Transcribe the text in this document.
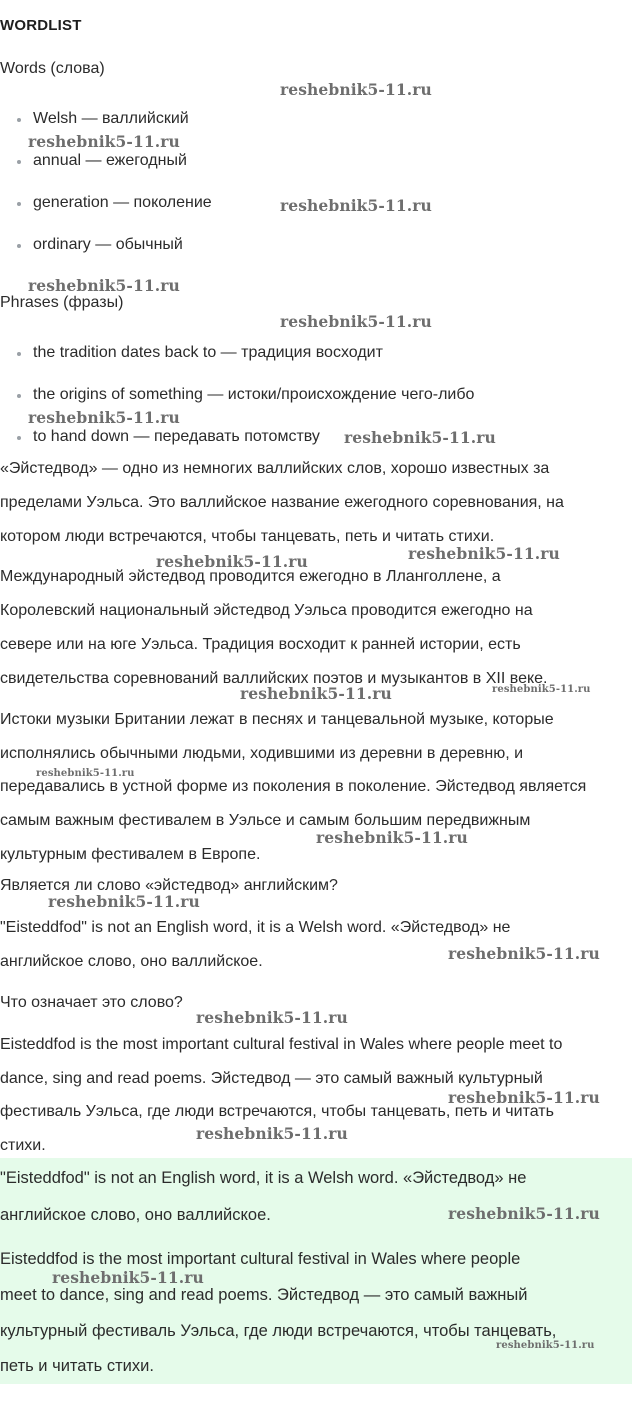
WORDLIST
Words (слова)
Welsh — валлийский
annual — ежегодный
generation — поколение
ordinary — обычный
Phrases (фразы)
the tradition dates back to — традиция восходит
the origins of something — истоки/происхождение чего-либо
to hand down — передавать потомству
«Эйстедвод» — одно из немногих валлийских слов, хорошо известных за
пределами Уэльса. Это валлийское название ежегодного соревнования, на
котором люди встречаются, чтобы танцевать, петь и читать стихи.
Международный эйстедвод проводится ежегодно в Лланголлене, а
Королевский национальный эйстедвод Уэльса проводится ежегодно на
севере или на юге Уэльса. Традиция восходит к ранней истории, есть
свидетельства соревнований валлийских поэтов и музыкантов в XII веке.
Истоки музыки Британии лежат в песнях и танцевальной музыке, которые
исполнялись обычными людьми, ходившими из деревни в деревню, и
передавались в устной форме из поколения в поколение. Эйстедвод является
самым важным фестивалем в Уэльсе и самым большим передвижным
культурным фестивалем в Европе.
Является ли слово «эйстедвод» английским?
"Eisteddfod" is not an English word, it is a Welsh word. «Эйстедвод» не
английское слово, оно валлийское.
Что означает это слово?
Eisteddfod is the most important cultural festival in Wales where people meet to
dance, sing and read poems. Эйстедвод — это самый важный культурный
фестиваль Уэльса, где люди встречаются, чтобы танцевать, петь и читать
стихи.
"Eisteddfod" is not an English word, it is a Welsh word. «Эйстедвод» не
английское слово, оно валлийское.
Eisteddfod is the most important cultural festival in Wales where people
meet to dance, sing and read poems. Эйстедвод — это самый важный
культурный фестиваль Уэльса, где люди встречаются, чтобы танцевать,
петь и читать стихи.
reshebnik5-11.ru
reshebnik5-11.ru
reshebnik5-11.ru
reshebnik5-11.ru
reshebnik5-11.ru
reshebnik5-11.ru
reshebnik5-11.ru
reshebnik5-11.ru	reshebnik5-11.ru
reshebnik5-11.ru	reshebnik5-11.ru
reshebnik5-11.ru
reshebnik5-11.ru
reshebnik5-11.ru
reshebnik5-11.ru
reshebnik5-11.ru
reshebnik5-11.ru
reshebnik5-11.ru
reshebnik5-11.ru
reshebnik5-11.ru
reshebnik5-11.ru
